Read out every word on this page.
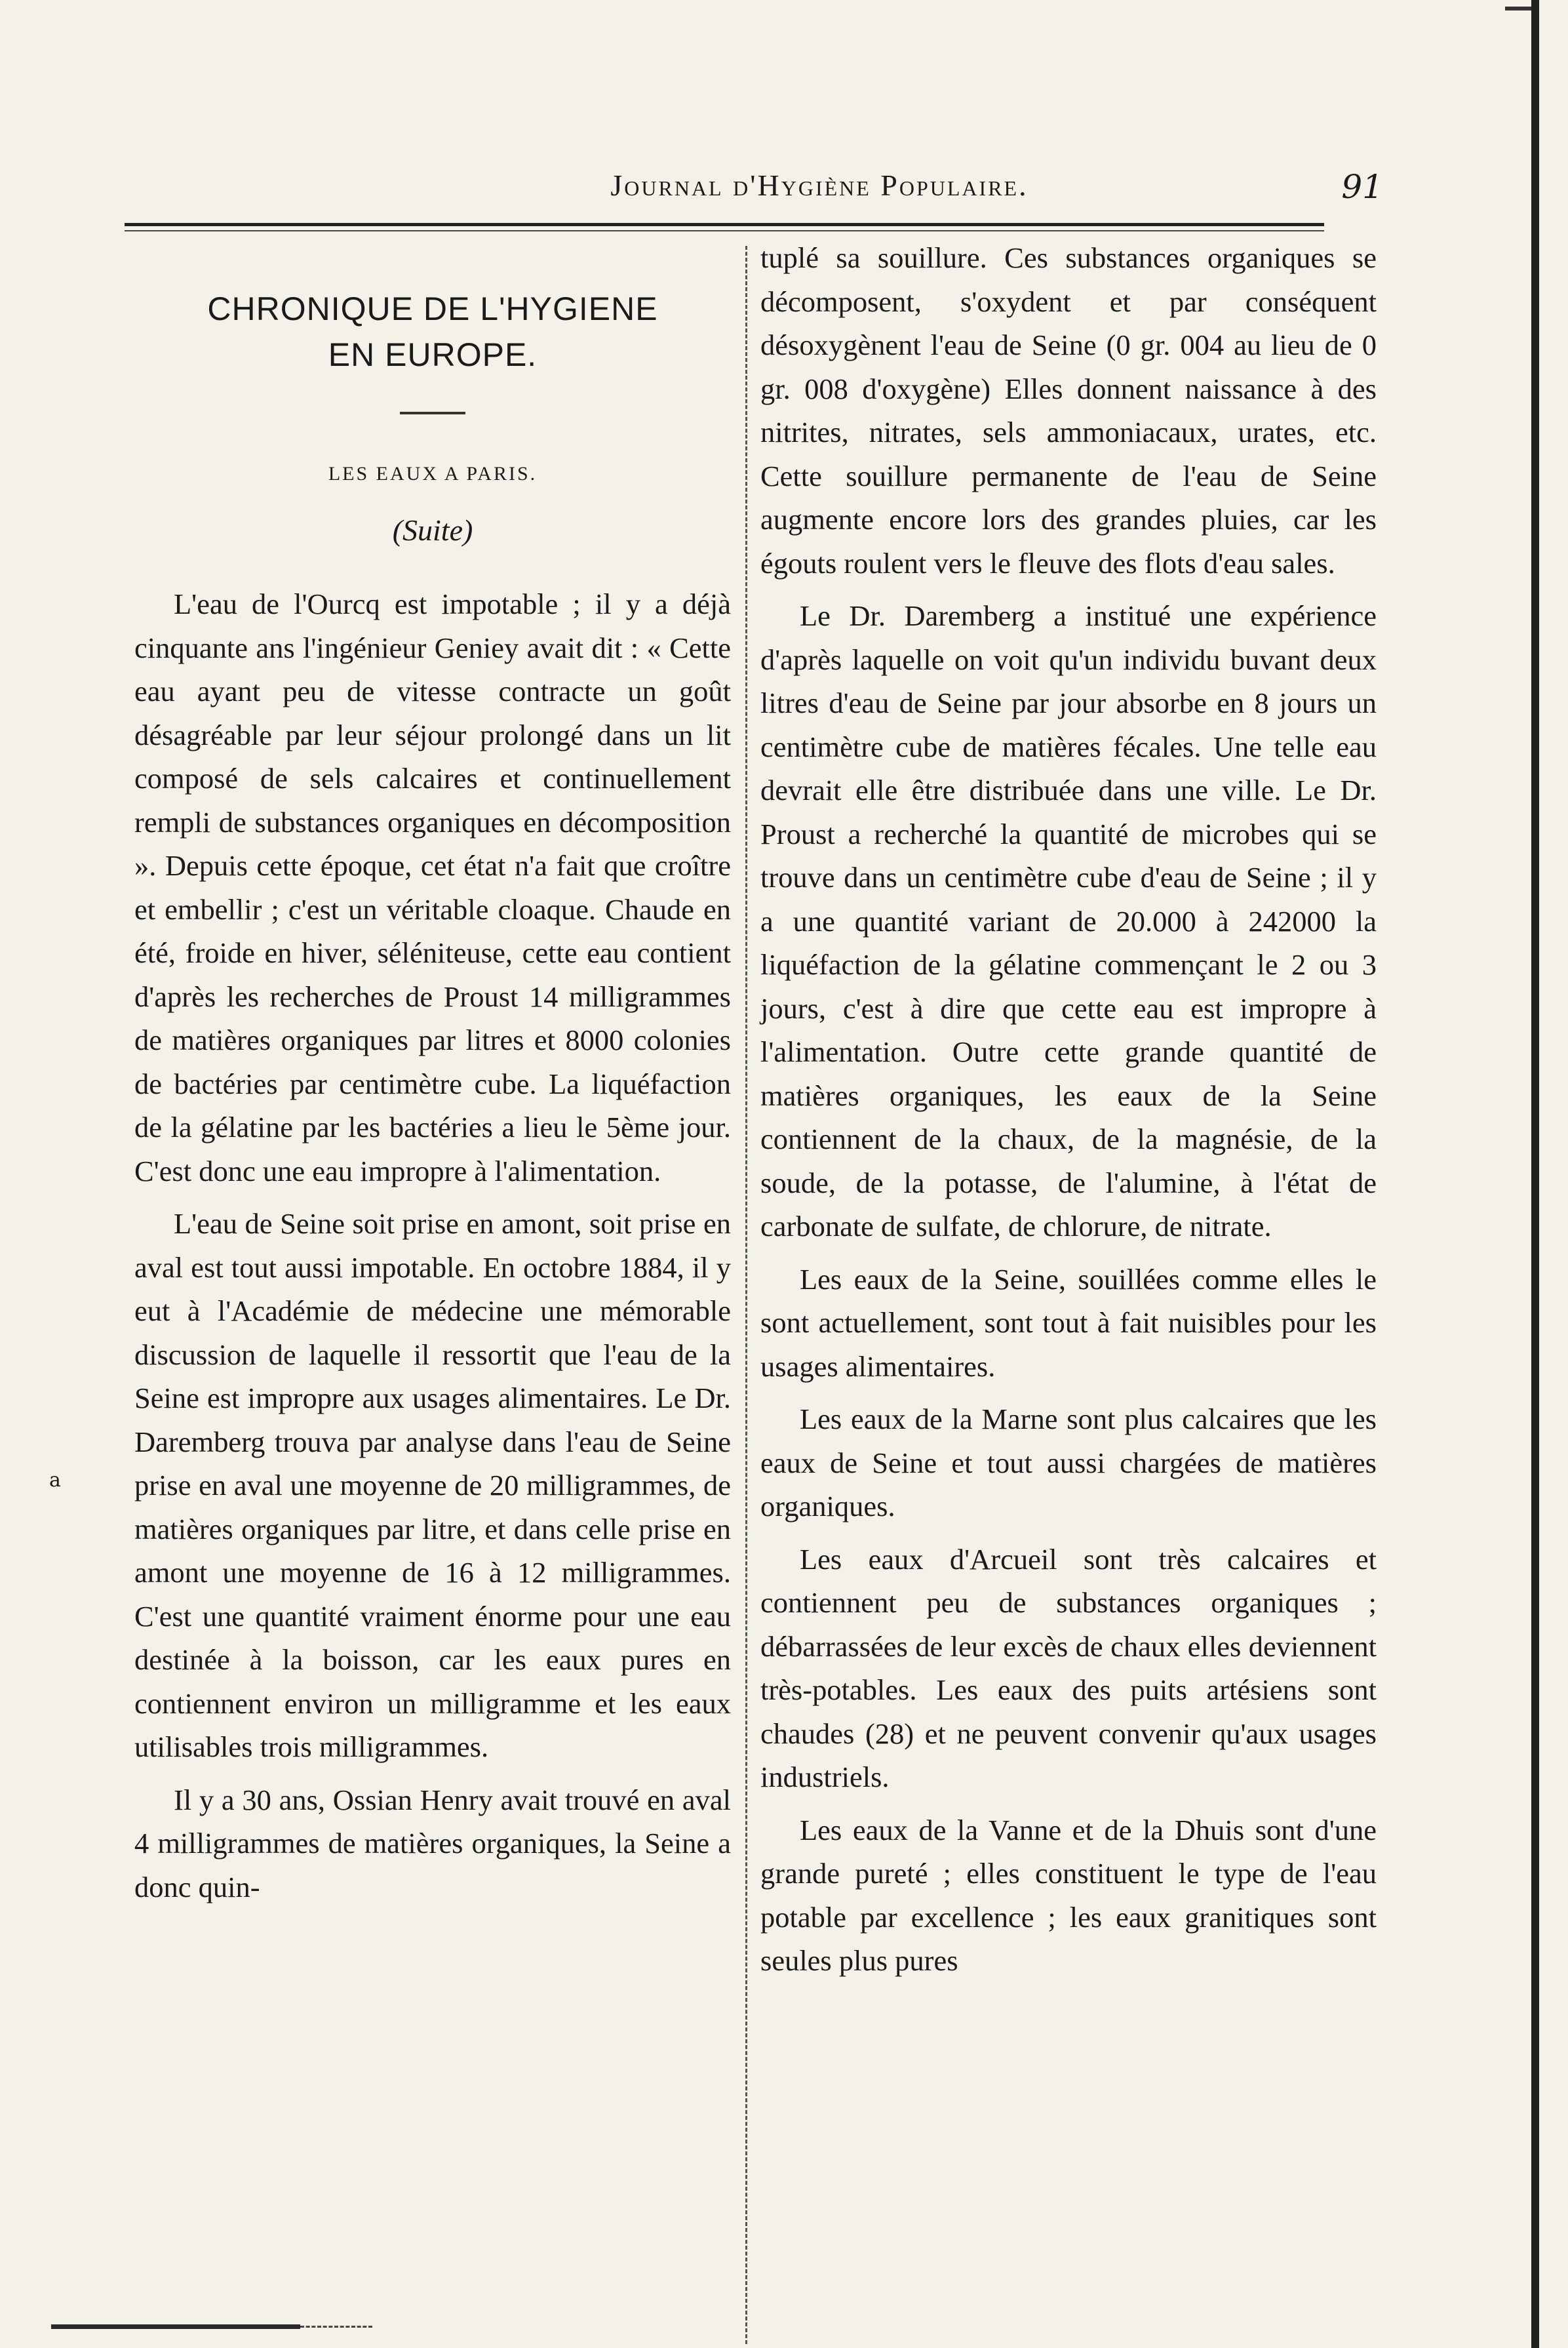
Journal d'Hygiène Populaire.	91
CHRONIQUE DE L'HYGIENE
EN EUROPE.
LES EAUX A PARIS.
(Suite)

L'eau de l'Ourcq est impotable ; il y a déjà cinquante ans l'ingénieur Geniey avait dit : « Cette eau ayant peu de vitesse contracte un goût désagréable par leur séjour prolongé dans un lit composé de sels calcaires et continuellement rempli de substances organiques en décomposition ». Depuis cette époque, cet état n'a fait que croître et embellir ; c'est un véritable cloaque. Chaude en été, froide en hiver, séléniteuse, cette eau contient d'après les recherches de Proust 14 milligrammes de matières organiques par litres et 8000 colonies de bactéries par centimètre cube. La liquéfaction de la gélatine par les bactéries a lieu le 5ème jour. C'est donc une eau impropre à l'alimentation.

L'eau de Seine soit prise en amont, soit prise en aval est tout aussi impotable. En octobre 1884, il y eut à l'Académie de médecine une mémorable discussion de laquelle il ressortit que l'eau de la Seine est impropre aux usages alimentaires. Le Dr. Daremberg trouva par analyse dans l'eau de Seine prise en aval une moyenne de 20 milligrammes, de matières organiques par litre, et dans celle prise en amont une moyenne de 16 à 12 milligrammes. C'est une quantité vraiment énorme pour une eau destinée à la boisson, car les eaux pures en contiennent environ un milligramme et les eaux utilisables trois milligrammes.

Il y a 30 ans, Ossian Henry avait trouvé en aval 4 milligrammes de matières organiques, la Seine a donc quin-

tuplé sa souillure. Ces substances organiques se décomposent, s'oxydent et par conséquent désoxygènent l'eau de Seine (0 gr. 004 au lieu de 0 gr. 008 d'oxygène) Elles donnent naissance à des nitrites, nitrates, sels ammoniacaux, urates, etc. Cette souillure permanente de l'eau de Seine augmente encore lors des grandes pluies, car les égouts roulent vers le fleuve des flots d'eau sales.

Le Dr. Daremberg a institué une expérience d'après laquelle on voit qu'un individu buvant deux litres d'eau de Seine par jour absorbe en 8 jours un centimètre cube de matières fécales. Une telle eau devrait elle être distribuée dans une ville. Le Dr. Proust a recherché la quantité de microbes qui se trouve dans un centimètre cube d'eau de Seine ; il y a une quantité variant de 20.000 à 242000 la liquéfaction de la gélatine commençant le 2 ou 3 jours, c'est à dire que cette eau est impropre à l'alimentation. Outre cette grande quantité de matières organiques, les eaux de la Seine contiennent de la chaux, de la magnésie, de la soude, de la potasse, de l'alumine, à l'état de carbonate de sulfate, de chlorure, de nitrate.

Les eaux de la Seine, souillées comme elles le sont actuellement, sont tout à fait nuisibles pour les usages alimentaires.

Les eaux de la Marne sont plus calcaires que les eaux de Seine et tout aussi chargées de matières organiques.

Les eaux d'Arcueil sont très calcaires et contiennent peu de substances organiques ; débarrassées de leur excès de chaux elles deviennent très-potables. Les eaux des puits artésiens sont chaudes (28) et ne peuvent convenir qu'aux usages industriels.

Les eaux de la Vanne et de la Dhuis sont d'une grande pureté ; elles constituent le type de l'eau potable par excellence ; les eaux granitiques sont seules plus pures

a
